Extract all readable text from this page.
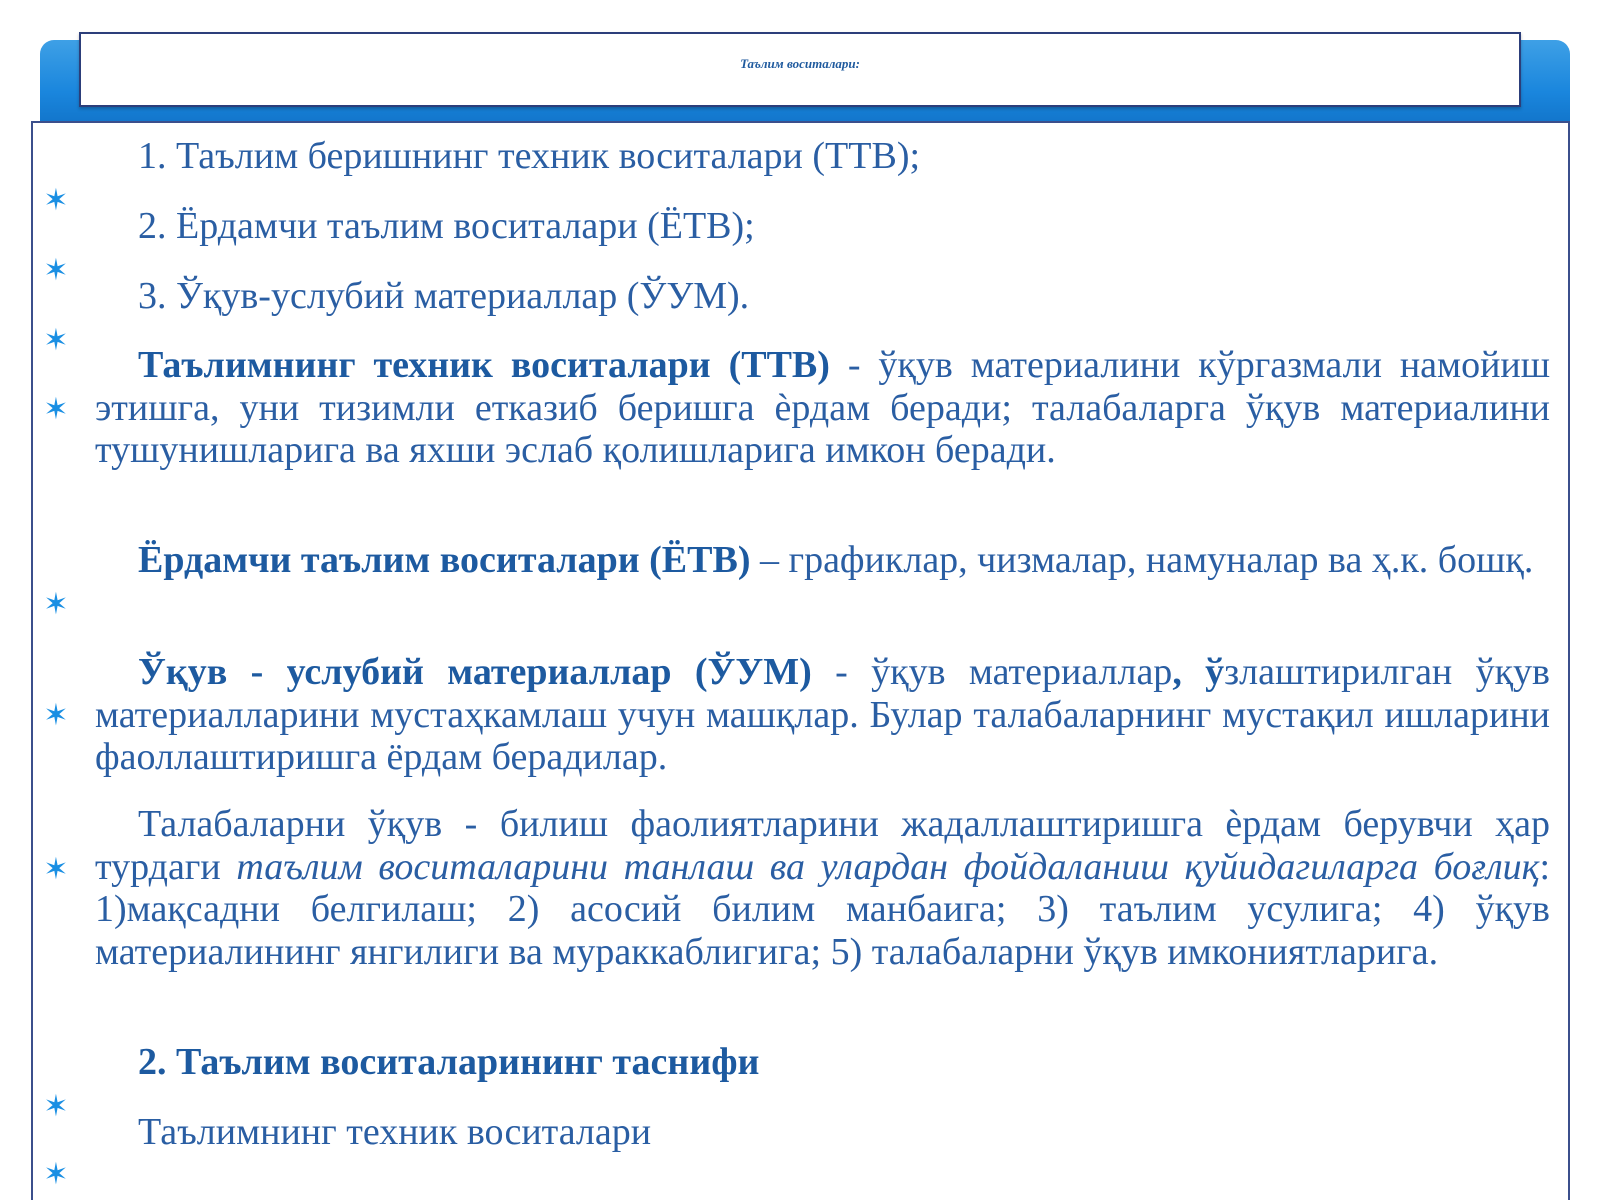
Таълим воситалари:
✶
✶
✶
✶
✶
✶
✶
✶
✶
1. Таълим беришнинг техник воситалари (ТТВ);
2. Ёрдамчи таълим воситалари (ЁТВ);
3. Ўқув-услубий материаллар (ЎУМ).
Таълимнинг техник воситалари (ТТВ) - ўқув материалини кўргазмали намойиш этишга, уни тизимли етказиб беришга ѐрдам беради; талабаларга ўқув материалини тушунишларига ва яхши эслаб қолишларига имкон беради.
Ёрдамчи таълим воситалари (ЁТВ) – графиклар, чизмалар, намуналар ва ҳ.к. бошқ.
Ўқув - услубий материаллар (ЎУМ) - ўқув материаллар, ўзлаштирилган ўқув материалларини мустаҳкамлаш учун машқлар. Булар талабаларнинг мустақил ишларини фаоллаштиришга ёрдам берадилар.
Талабаларни ўқув - билиш фаолиятларини жадаллаштиришга ѐрдам берувчи ҳар турдаги таълим воситаларини танлаш ва улардан фойдаланиш қуйидагиларга боғлиқ: 1)мақсадни белгилаш; 2) асосий билим манбаига; 3) таълим усулига; 4) ўқув материалининг янгилиги ва мураккаблигига; 5) талабаларни ўқув имкониятларига.
2. Таълим воситаларининг таснифи
Таълимнинг техник воситалари
